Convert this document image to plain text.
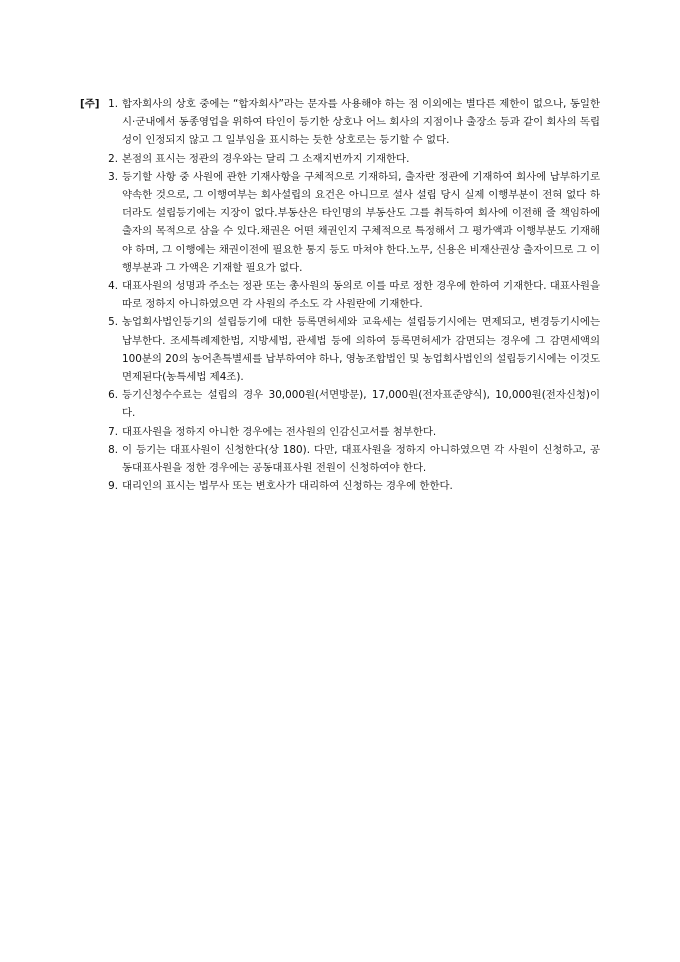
[주] 1. 합자회사의 상호 중에는 “합자회사”라는 문자를 사용해야 하는 점 이외에는 별다른 제한이 없으나, 동일한 시·군내에서 동종영업을 위하여 타인이 등기한 상호나 어느 회사의 지점이나 출장소 등과 같이 회사의 독립성이 인정되지 않고 그 일부임을 표시하는 듯한 상호로는 등기할 수 없다.
2. 본점의 표시는 정관의 경우와는 달리 그 소재지번까지 기재한다.
3. 등기할 사항 중 사원에 관한 기재사항을 구체적으로 기재하되, 출자란 정관에 기재하여 회사에 납부하기로 약속한 것으로, 그 이행여부는 회사설립의 요건은 아니므로 설사 설립 당시 실제 이행부분이 전혀 없다 하더라도 설립등기에는 지장이 없다.부동산은 타인명의 부동산도 그를 취득하여 회사에 이전해 줄 책임하에 출자의 목적으로 삼을 수 있다.채권은 어떤 채권인지 구체적으로 특정해서 그 평가액과 이행부분도 기재해야 하며, 그 이행에는 채권이전에 필요한 통지 등도 마쳐야 한다.노무, 신용은 비재산권상 출자이므로 그 이행부분과 그 가액은 기재할 필요가 없다.
4. 대표사원의 성명과 주소는 정관 또는 총사원의 동의로 이를 따로 정한 경우에 한하여 기재한다. 대표사원을 따로 정하지 아니하였으면 각 사원의 주소도 각 사원란에 기재한다.
5. 농업회사법인등기의 설립등기에 대한 등록면허세와 교육세는 설립등기시에는 면제되고, 변경등기시에는 납부한다. 조세특례제한법, 지방세법, 관세법 등에 의하여 등록면허세가 감면되는 경우에 그 감면세액의 100분의 20의 농어촌특별세를 납부하여야 하나, 영농조합법인 및 농업회사법인의 설립등기시에는 이것도 면제된다(농특세법 제4조).
6. 등기신청수수료는 설립의 경우 30,000원(서면방문), 17,000원(전자표준양식), 10,000원(전자신청)이다.
7. 대표사원을 정하지 아니한 경우에는 전사원의 인감신고서를 첨부한다.
8. 이 등기는 대표사원이 신청한다(상 180). 다만, 대표사원을 정하지 아니하였으면 각 사원이 신청하고, 공동대표사원을 정한 경우에는 공동대표사원 전원이 신청하여야 한다.
9. 대리인의 표시는 법무사 또는 변호사가 대리하여 신청하는 경우에 한한다.
